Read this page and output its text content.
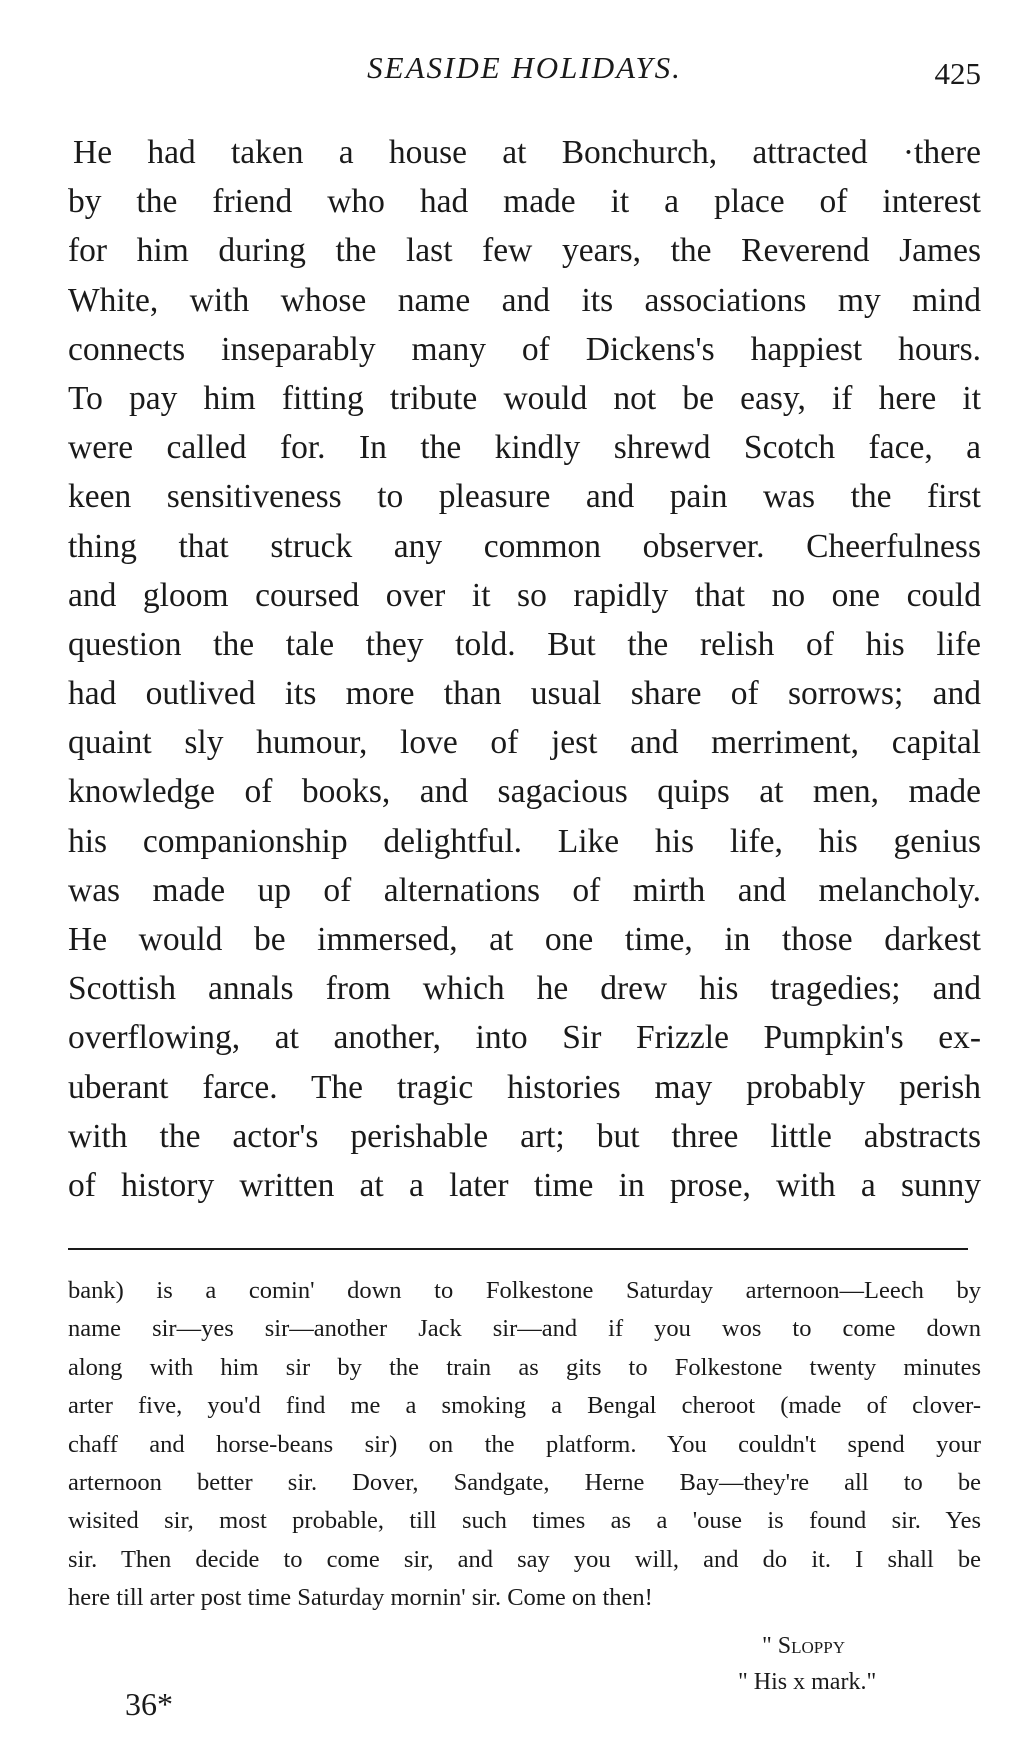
SEASIDE HOLIDAYS.	425
He had taken a house at Bonchurch, attracted ·there
by the friend who had made it a place of interest
for him during the last few years, the Reverend James
White, with whose name and its associations my mind
connects inseparably many of Dickens's happiest hours.
To pay him fitting tribute would not be easy, if here it
were called for. In the kindly shrewd Scotch face, a
keen sensitiveness to pleasure and pain was the first
thing that struck any common observer. Cheerfulness
and gloom coursed over it so rapidly that no one could
question the tale they told. But the relish of his life
had outlived its more than usual share of sorrows; and
quaint sly humour, love of jest and merriment, capital
knowledge of books, and sagacious quips at men, made
his companionship delightful. Like his life, his genius
was made up of alternations of mirth and melancholy.
He would be immersed, at one time, in those darkest
Scottish annals from which he drew his tragedies; and
overflowing, at another, into Sir Frizzle Pumpkin's ex-
uberant farce. The tragic histories may probably perish
with the actor's perishable art; but three little abstracts
of history written at a later time in prose, with a sunny
bank) is a comin' down to Folkestone Saturday arternoon—Leech by
name sir—yes sir—another Jack sir—and if you wos to come down
along with him sir by the train as gits to Folkestone twenty minutes
arter five, you'd find me a smoking a Bengal cheroot (made of clover-
chaff and horse-beans sir) on the platform. You couldn't spend your
arternoon better sir. Dover, Sandgate, Herne Bay—they're all to be
wisited sir, most probable, till such times as a 'ouse is found sir. Yes
sir. Then decide to come sir, and say you will, and do it. I shall be
here till arter post time Saturday mornin' sir. Come on then!
" Sloppy
" His x mark."
36*
